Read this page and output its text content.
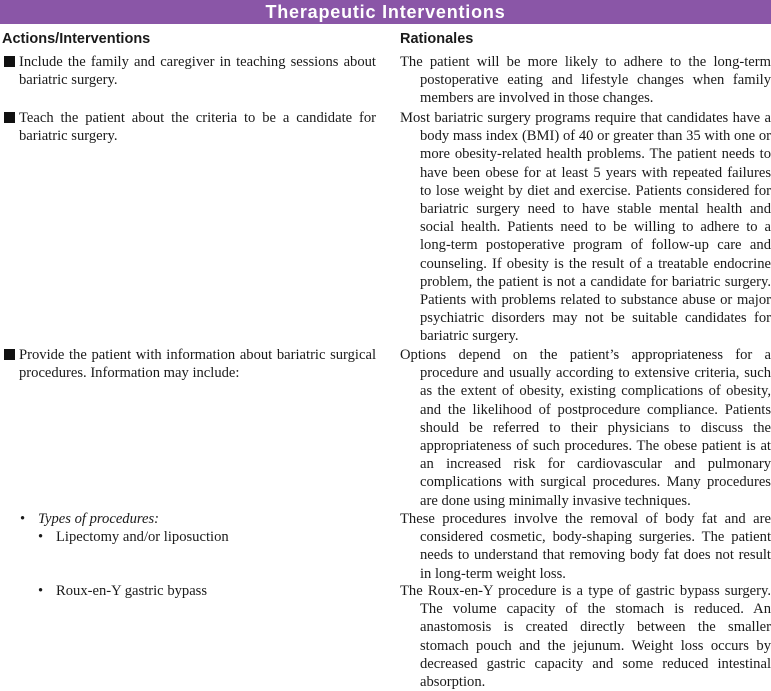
Therapeutic Interventions
Actions/Interventions	Rationales
Include the family and caregiver in teaching sessions about bariatric surgery.
The patient will be more likely to adhere to the long-term postoperative eating and lifestyle changes when family members are involved in those changes.
Teach the patient about the criteria to be a candidate for bariatric surgery.
Most bariatric surgery programs require that candidates have a body mass index (BMI) of 40 or greater than 35 with one or more obesity-related health problems. The patient needs to have been obese for at least 5 years with repeated failures to lose weight by diet and exercise. Patients considered for bariatric surgery need to have stable mental health and social health. Patients need to be willing to adhere to a long-term postoperative program of follow-up care and counseling. If obesity is the result of a treatable endocrine problem, the patient is not a candidate for bariatric surgery. Patients with problems related to substance abuse or major psychiatric disorders may not be suitable candidates for bariatric surgery.
Provide the patient with information about bariatric surgical procedures. Information may include:
Options depend on the patient’s appropriateness for a procedure and usually according to extensive criteria, such as the extent of obesity, existing complications of obesity, and the likelihood of postprocedure compliance. Patients should be referred to their physicians to discuss the appropriateness of such procedures. The obese patient is at an increased risk for cardiovascular and pulmonary complications with surgical procedures. Many procedures are done using minimally invasive techniques.
• Types of procedures:
• Lipectomy and/or liposuction
These procedures involve the removal of body fat and are considered cosmetic, body-shaping surgeries. The patient needs to understand that removing body fat does not result in long-term weight loss.
• Roux-en-Y gastric bypass	The Roux-en-Y procedure is a type of gastric bypass surgery. The volume capacity of the stomach is reduced. An anastomosis is created directly between the smaller stomach pouch and the jejunum. Weight loss occurs by decreased gastric capacity and some reduced intestinal absorption.
